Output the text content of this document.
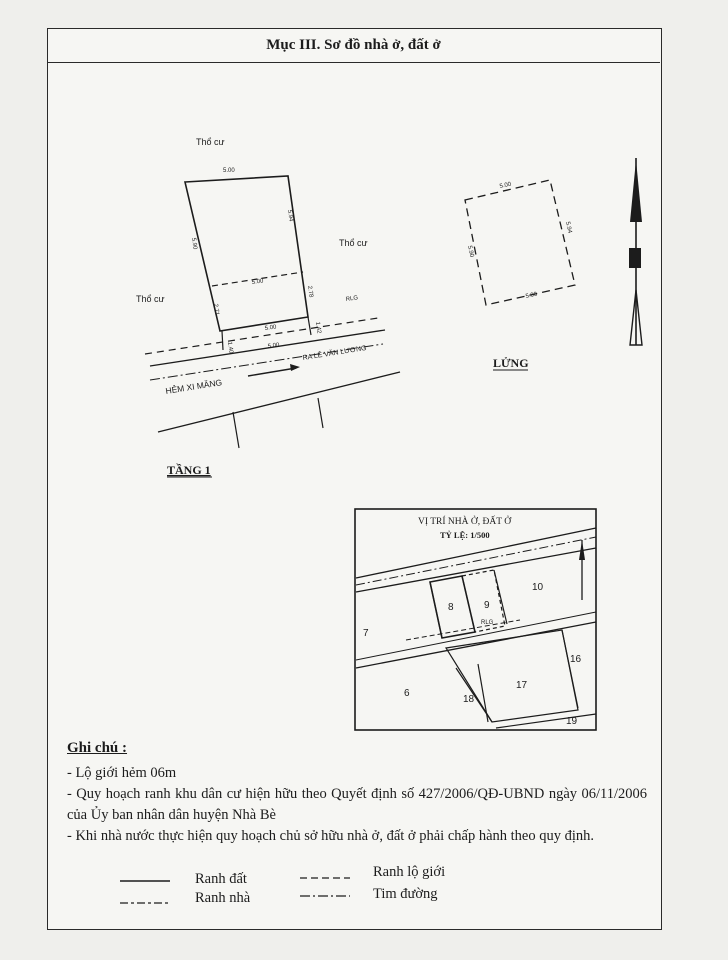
Mục III. Sơ đồ nhà ở, đất ở
5.00
5.90
5.94
5.00
2.78
2.71
5.00	1.42
1.40	5.00
RLG
Thổ cư
Thổ cư
Thổ cư
HẺM XI MĂNG
RA LÊ VĂN LƯƠNG
TẦNG 1
5.00
5.90
5.94
5.00
LỬNG
VỊ TRÍ NHÀ Ở, ĐẤT Ở
TỶ LỆ: 1/500
8	9
10
7
16
17
6
18
19
RLG
Ghi chú :
- Lộ giới hẻm 06m
- Quy hoạch ranh khu dân cư hiện hữu theo Quyết định số 427/2006/QĐ-UBND ngày 06/11/2006 của Ủy ban nhân dân huyện Nhà Bè
- Khi nhà nước thực hiện quy hoạch chủ sở hữu nhà ở, đất ở phải chấp hành theo quy định.
Ranh đất
Ranh nhà
Ranh lộ giới
Tim đường
